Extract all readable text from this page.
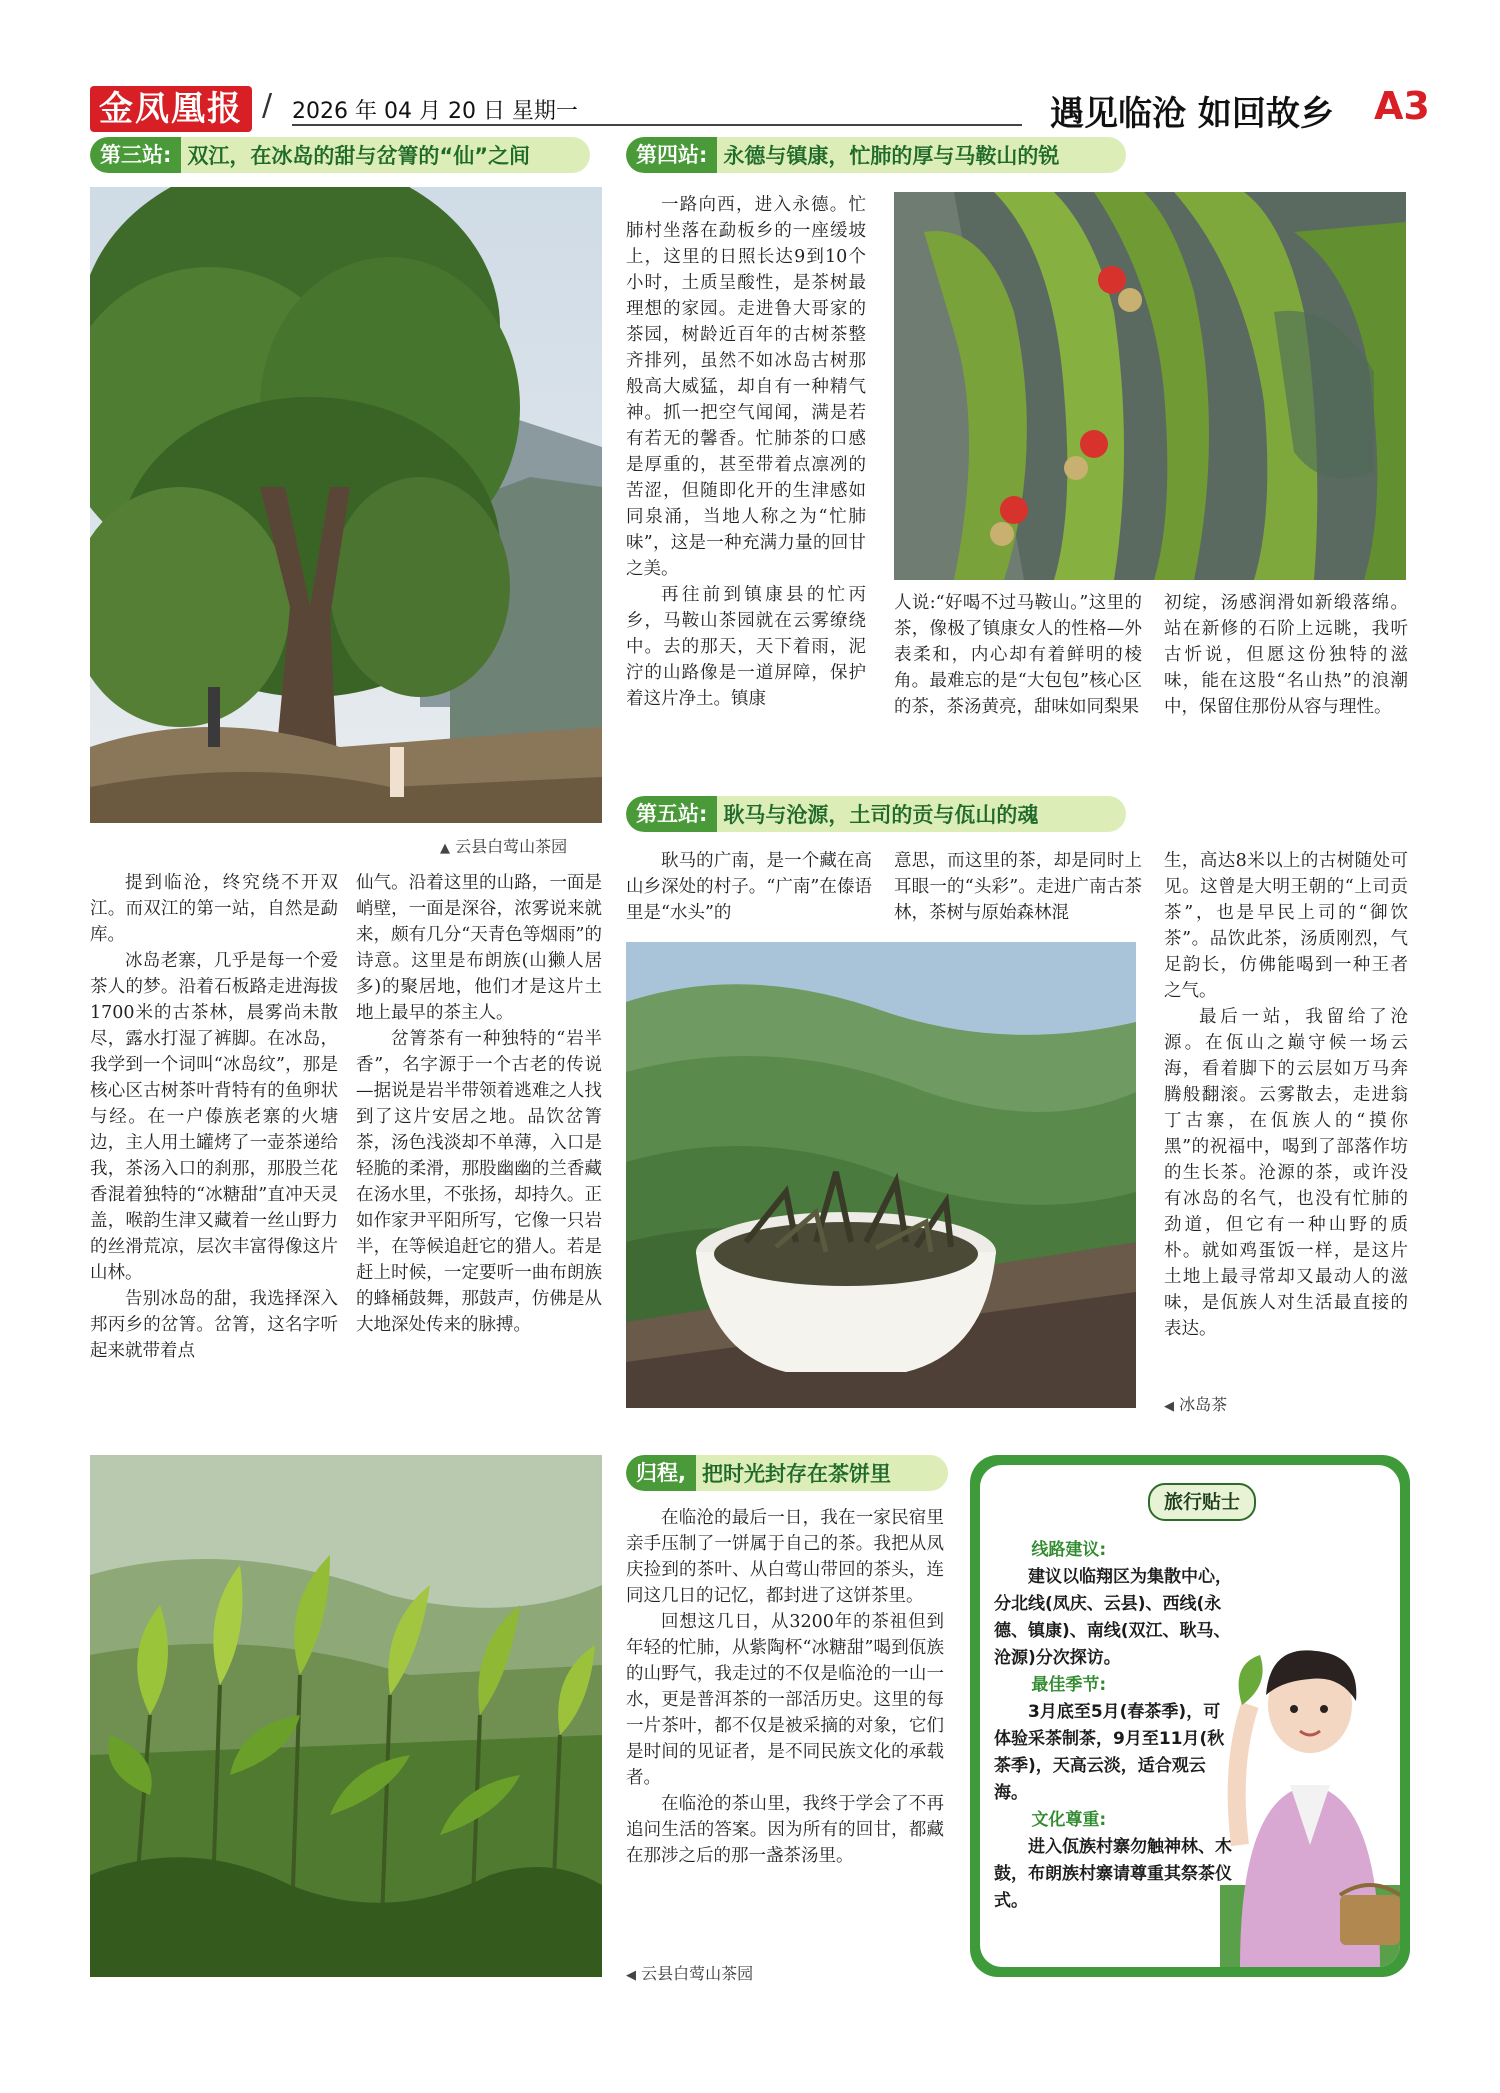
金凤凰报 / 2026 年 04 月 20 日 星期一	遇见临沧 如回故乡 A3
第三站: 双江，在冰岛的甜与岔箐的“仙”之间
▲ 云县白莺山茶园

提到临沧，终究绕不开双江。而双江的第一站，自然是勐库。

冰岛老寨，几乎是每一个爱茶人的梦。沿着石板路走进海拔1700米的古茶林，晨雾尚未散尽，露水打湿了裤脚。在冰岛，我学到一个词叫“冰岛纹”，那是核心区古树茶叶背特有的鱼卵状与经。在一户傣族老寨的火塘边，主人用土罐烤了一壶茶递给我，茶汤入口的刹那，那股兰花香混着独特的“冰糖甜”直冲天灵盖，喉韵生津又藏着一丝山野力的丝滑荒凉，层次丰富得像这片山林。

告别冰岛的甜，我选择深入邦丙乡的岔箐。岔箐，这名字听起来就带着点

仙气。沿着这里的山路，一面是峭壁，一面是深谷，浓雾说来就来，颇有几分“天青色等烟雨”的诗意。这里是布朗族(山獭人居多)的聚居地，他们才是这片土地上最早的茶主人。

岔箐茶有一种独特的“岩半香”，名字源于一个古老的传说—据说是岩半带领着逃难之人找到了这片安居之地。品饮岔箐茶，汤色浅淡却不单薄，入口是轻脆的柔滑，那股幽幽的兰香藏在汤水里，不张扬，却持久。正如作家尹平阳所写，它像一只岩半，在等候追赶它的猎人。若是赶上时候，一定要听一曲布朗族的蜂桶鼓舞，那鼓声，仿佛是从大地深处传来的脉搏。

第四站: 永德与镇康，忙肺的厚与马鞍山的锐

一路向西，进入永德。忙肺村坐落在勐板乡的一座缓坡上，这里的日照长达9到10个小时，土质呈酸性，是茶树最理想的家园。走进鲁大哥家的茶园，树龄近百年的古树茶整齐排列，虽然不如冰岛古树那般高大威猛，却自有一种精气神。抓一把空气闻闻，满是若有若无的馨香。忙肺茶的口感是厚重的，甚至带着点凛冽的苦涩，但随即化开的生津感如同泉涌，当地人称之为“忙肺味”，这是一种充满力量的回甘之美。

再往前到镇康县的忙丙乡，马鞍山茶园就在云雾缭绕中。去的那天，天下着雨，泥泞的山路像是一道屏障，保护着这片净土。镇康

人说:“好喝不过马鞍山。”这里的茶，像极了镇康女人的性格—外表柔和，内心却有着鲜明的棱角。最难忘的是“大包包”核心区的茶，茶汤黄亮，甜味如同梨果

初绽，汤感润滑如新缎落绵。站在新修的石阶上远眺，我听古忻说，但愿这份独特的滋味，能在这股“名山热”的浪潮中，保留住那份从容与理性。

第五站: 耿马与沧源，土司的贡与佤山的魂

耿马的广南，是一个藏在高山乡深处的村子。“广南”在傣语里是“水头”的

意思，而这里的茶，却是同时上耳眼一的“头彩”。走进广南古茶林，茶树与原始森林混

生，高达8米以上的古树随处可见。这曾是大明王朝的“上司贡茶”，也是早民上司的“御饮茶”。品饮此茶，汤质刚烈，气足韵长，仿佛能喝到一种王者之气。

最后一站，我留给了沧源。在佤山之巅守候一场云海，看着脚下的云层如万马奔腾般翻滚。云雾散去，走进翁丁古寨，在佤族人的“摸你黑”的祝福中，喝到了部落作坊的生长茶。沧源的茶，或许没有冰岛的名气，也没有忙肺的劲道，但它有一种山野的质朴。就如鸡蛋饭一样，是这片土地上最寻常却又最动人的滋味，是佤族人对生活最直接的表达。

◀ 冰岛茶
◀ 云县白莺山茶园
归程, 把时光封存在茶饼里

在临沧的最后一日，我在一家民宿里亲手压制了一饼属于自己的茶。我把从凤庆捡到的茶叶、从白莺山带回的茶头，连同这几日的记忆，都封进了这饼茶里。

回想这几日，从3200年的茶祖但到年轻的忙肺，从紫陶杯“冰糖甜”喝到佤族的山野气，我走过的不仅是临沧的一山一水，更是普洱茶的一部活历史。这里的每一片茶叶，都不仅是被采摘的对象，它们是时间的见证者，是不同民族文化的承载者。

在临沧的茶山里，我终于学会了不再追问生活的答案。因为所有的回甘，都藏在那涉之后的那一盏茶汤里。

旅行贴士
线路建议:
建议以临翔区为集散中心，分北线(凤庆、云县)、西线(永德、镇康)、南线(双江、耿马、沧源)分次探访。
最佳季节:
3月底至5月(春茶季)，可体验采茶制茶，9月至11月(秋茶季)，天高云淡，适合观云海。
文化尊重:
进入佤族村寨勿触神林、木鼓，布朗族村寨请尊重其祭茶仪式。
